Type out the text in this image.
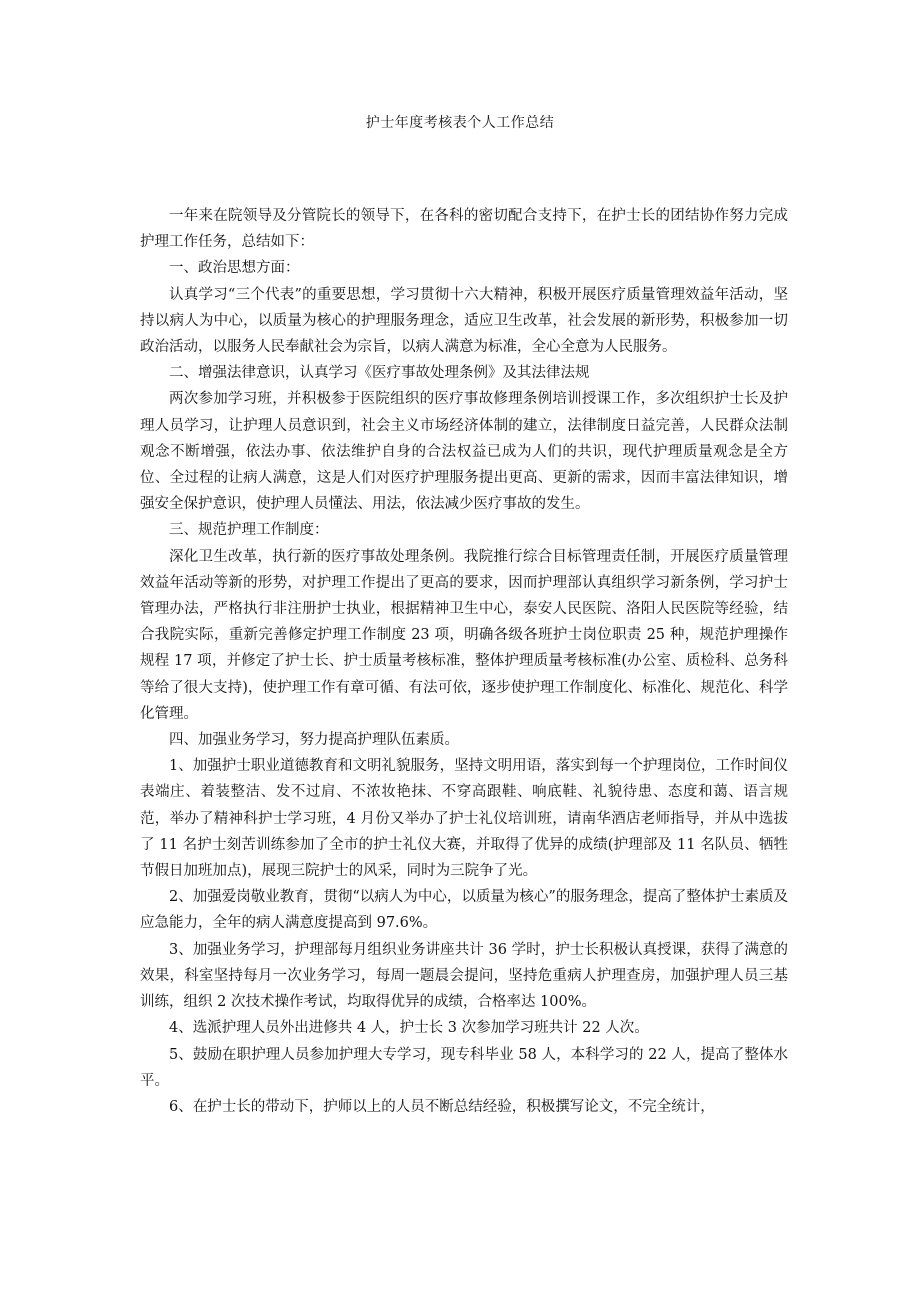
护士年度考核表个人工作总结

一年来在院领导及分管院长的领导下，在各科的密切配合支持下，在护士长的团结协作努力完成护理工作任务，总结如下：

一、政治思想方面：

认真学习“三个代表”的重要思想，学习贯彻十六大精神，积极开展医疗质量管理效益年活动，坚持以病人为中心，以质量为核心的护理服务理念，适应卫生改革，社会发展的新形势，积极参加一切政治活动，以服务人民奉献社会为宗旨，以病人满意为标准，全心全意为人民服务。

二、增强法律意识，认真学习《医疗事故处理条例》及其法律法规

两次参加学习班，并积极参于医院组织的医疗事故修理条例培训授课工作，多次组织护士长及护理人员学习，让护理人员意识到，社会主义市场经济体制的建立，法律制度日益完善，人民群众法制观念不断增强，依法办事、依法维护自身的合法权益已成为人们的共识，现代护理质量观念是全方位、全过程的让病人满意，这是人们对医疗护理服务提出更高、更新的需求，因而丰富法律知识，增强安全保护意识，使护理人员懂法、用法，依法减少医疗事故的发生。

三、规范护理工作制度：

深化卫生改革，执行新的医疗事故处理条例。我院推行综合目标管理责任制，开展医疗质量管理效益年活动等新的形势，对护理工作提出了更高的要求，因而护理部认真组织学习新条例，学习护士管理办法，严格执行非注册护士执业，根据精神卫生中心，泰安人民医院、洛阳人民医院等经验，结合我院实际，重新完善修定护理工作制度 23 项，明确各级各班护士岗位职责 25 种，规范护理操作规程 17 项，并修定了护士长、护士质量考核标准，整体护理质量考核标准(办公室、质检科、总务科等给了很大支持)，使护理工作有章可循、有法可依，逐步使护理工作制度化、标准化、规范化、科学化管理。

四、加强业务学习，努力提高护理队伍素质。

1、加强护士职业道德教育和文明礼貌服务，坚持文明用语，落实到每一个护理岗位，工作时间仪表端庄、着装整洁、发不过肩、不浓妆艳抹、不穿高跟鞋、响底鞋、礼貌待患、态度和蔼、语言规范，举办了精神科护士学习班，4 月份又举办了护士礼仪培训班，请南华酒店老师指导，并从中选拔了 11 名护士刻苦训练参加了全市的护士礼仪大赛，并取得了优异的成绩(护理部及 11 名队员、牺牲节假日加班加点)，展现三院护士的风采，同时为三院争了光。

2、加强爱岗敬业教育，贯彻“以病人为中心，以质量为核心”的服务理念，提高了整体护士素质及应急能力，全年的病人满意度提高到 97.6%。

3、加强业务学习，护理部每月组织业务讲座共计 36 学时，护士长积极认真授课，获得了满意的效果，科室坚持每月一次业务学习，每周一题晨会提问，坚持危重病人护理查房，加强护理人员三基训练，组织 2 次技术操作考试，均取得优异的成绩，合格率达 100%。

4、选派护理人员外出进修共 4 人，护士长 3 次参加学习班共计 22 人次。

5、鼓励在职护理人员参加护理大专学习，现专科毕业 58 人，本科学习的 22 人，提高了整体水平。

6、在护士长的带动下，护师以上的人员不断总结经验，积极撰写论文，不完全统计，
